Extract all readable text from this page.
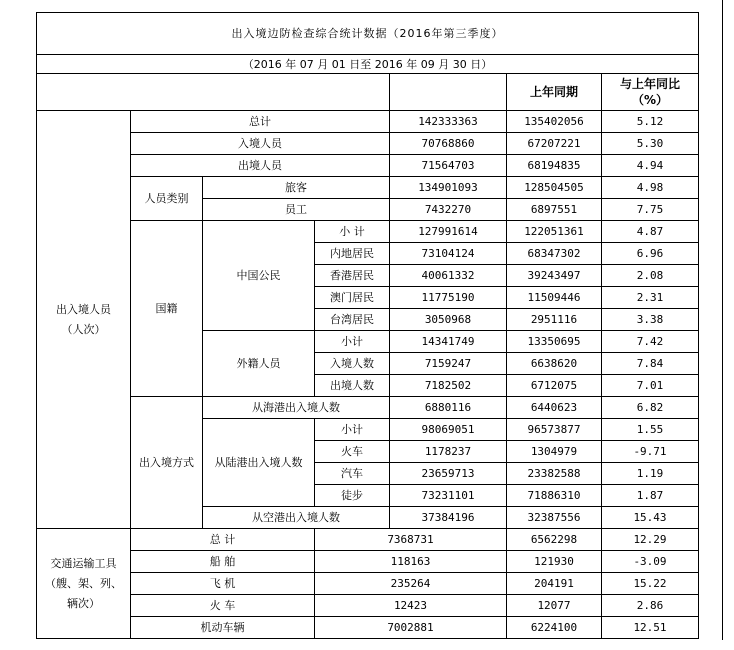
出入境边防检查综合统计数据（2016年第三季度）						
（2016 年 07 月 01 日至 2016 年 09 月 30 日）						
					上年同期	与上年同比
（%）
出入境人员（人次）	总计			142333363	135402056	5.12
	入境人员			70768860	67207221	5.30
	出境人员			71564703	68194835	4.94
	人员类别	旅客		134901093	128504505	4.98
		员工		7432270	6897551	7.75
	国籍	中国公民	小 计	127991614	122051361	4.87
			内地居民	73104124	68347302	6.96
			香港居民	40061332	39243497	2.08
			澳门居民	11775190	11509446	2.31
			台湾居民	3050968	2951116	3.38
		外籍人员	小计	14341749	13350695	7.42
			入境人数	7159247	6638620	7.84
			出境人数	7182502	6712075	7.01
	出入境方式	从海港出入境人数		6880116	6440623	6.82
		从陆港出入境人数	小计	98069051	96573877	1.55
			火车	1178237	1304979	-9.71
			汽车	23659713	23382588	1.19
			徒步	73231101	71886310	1.87
		从空港出入境人数		37384196	32387556	15.43
交通运输工具（艘、架、列、辆次）	总 计		7368731		6562298	12.29
	船 舶		118163		121930	-3.09
	飞 机		235264		204191	15.22
	火 车		12423		12077	2.86
	机动车辆		7002881		6224100	12.51
